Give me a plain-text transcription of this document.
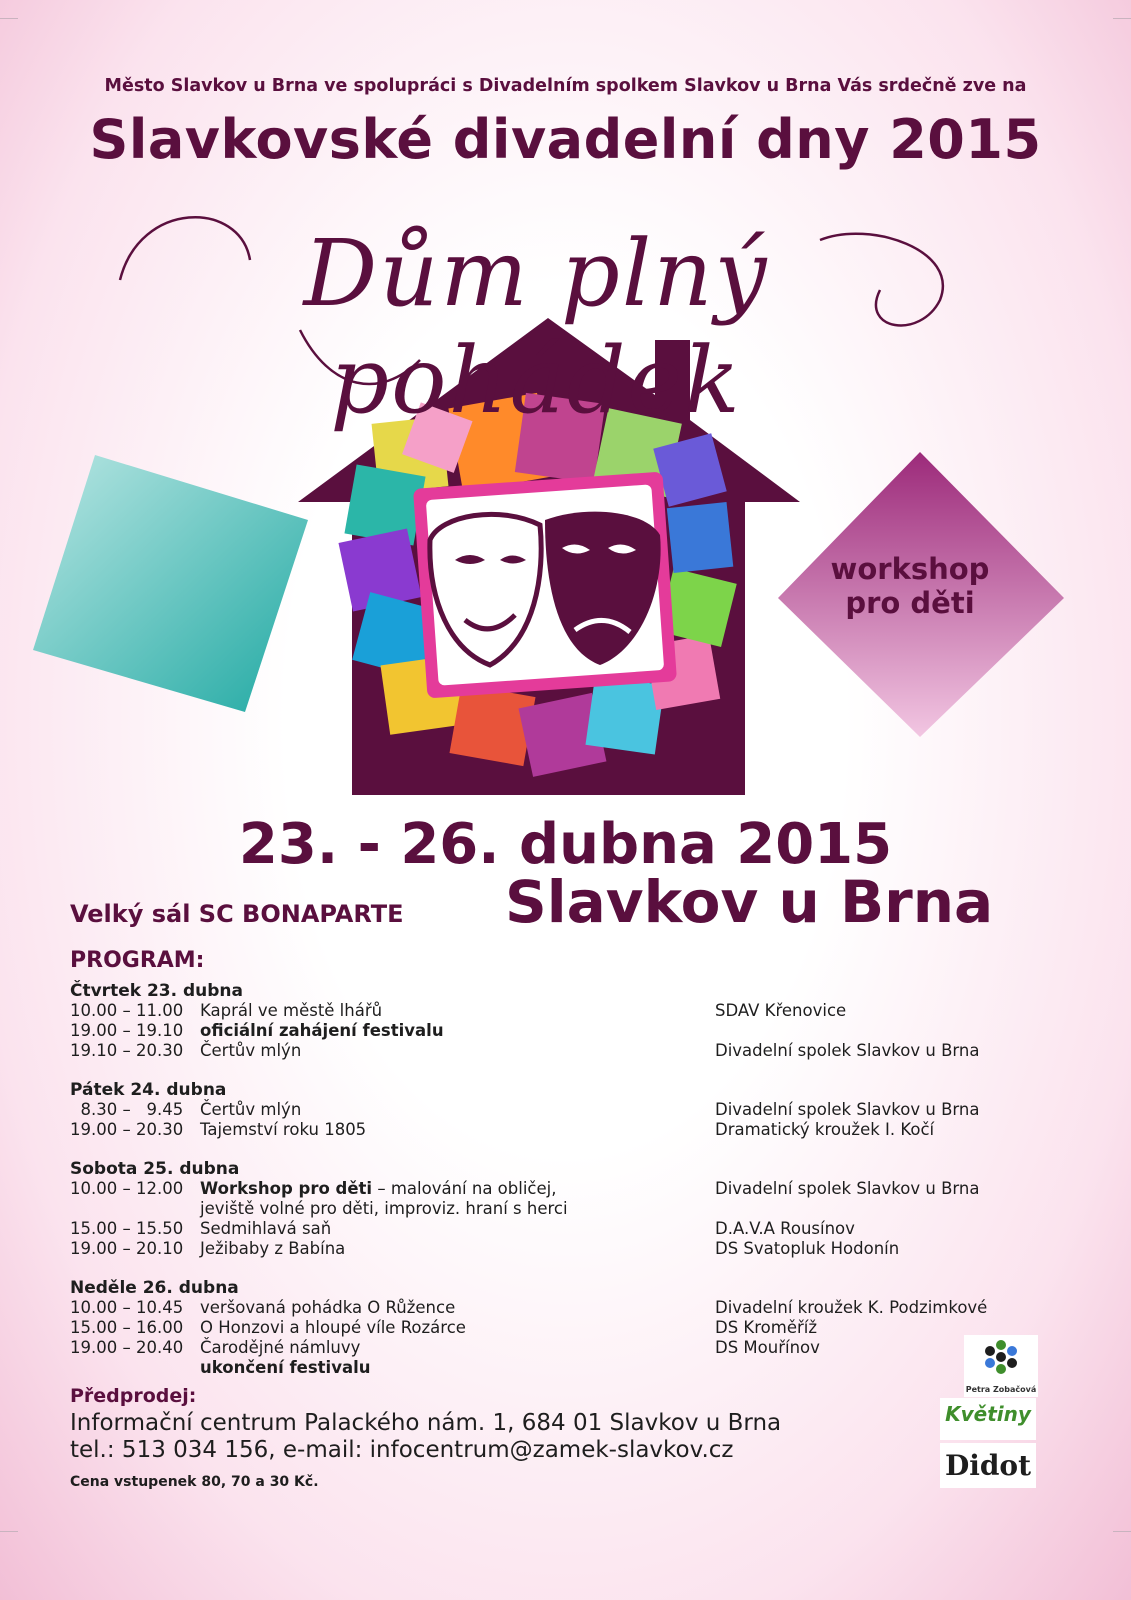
Město Slavkov u Brna ve spolupráci s Divadelním spolkem Slavkov u Brna Vás srdečně zve na
Slavkovské divadelní dny 2015
Dům plný pohádek
workshop
pro děti
23. - 26. dubna 2015
Velký sál SC BONAPARTE Slavkov u Brna
PROGRAM:
Čtvrtek 23. dubna
10.00 – 11.00	Kaprál ve městě lhářů	SDAV Křenovice
19.00 – 19.10	oficiální zahájení festivalu
19.10 – 20.30	Čertův mlýn	Divadelní spolek Slavkov u Brna
Pátek 24. dubna
8.30 –   9.45	Čertův mlýn	Divadelní spolek Slavkov u Brna
19.00 – 20.30	Tajemství roku 1805	Dramatický kroužek I. Kočí
Sobota 25. dubna
10.00 – 12.00	Workshop pro děti – malování na obličej,	Divadelní spolek Slavkov u Brna
jeviště volné pro děti, improviz. hraní s herci
15.00 – 15.50	Sedmihlavá saň	D.A.V.A Rousínov
19.00 – 20.10	Ježibaby z Babína	DS Svatopluk Hodonín
Neděle 26. dubna
10.00 – 10.45	veršovaná pohádka O Růžence	Divadelní kroužek K. Podzimkové
15.00 – 16.00	O Honzovi a hloupé víle Rozárce	DS Kroměříž
19.00 – 20.40	Čarodějné námluvy	DS Mouřínov
ukončení festivalu
Předprodej:
Informační centrum Palackého nám. 1, 684 01 Slavkov u Brna
tel.: 513 034 156, e-mail: infocentrum@zamek-slavkov.cz
Cena vstupenek 80, 70 a 30 Kč.
Petra Zobačová
Květiny
Didot
